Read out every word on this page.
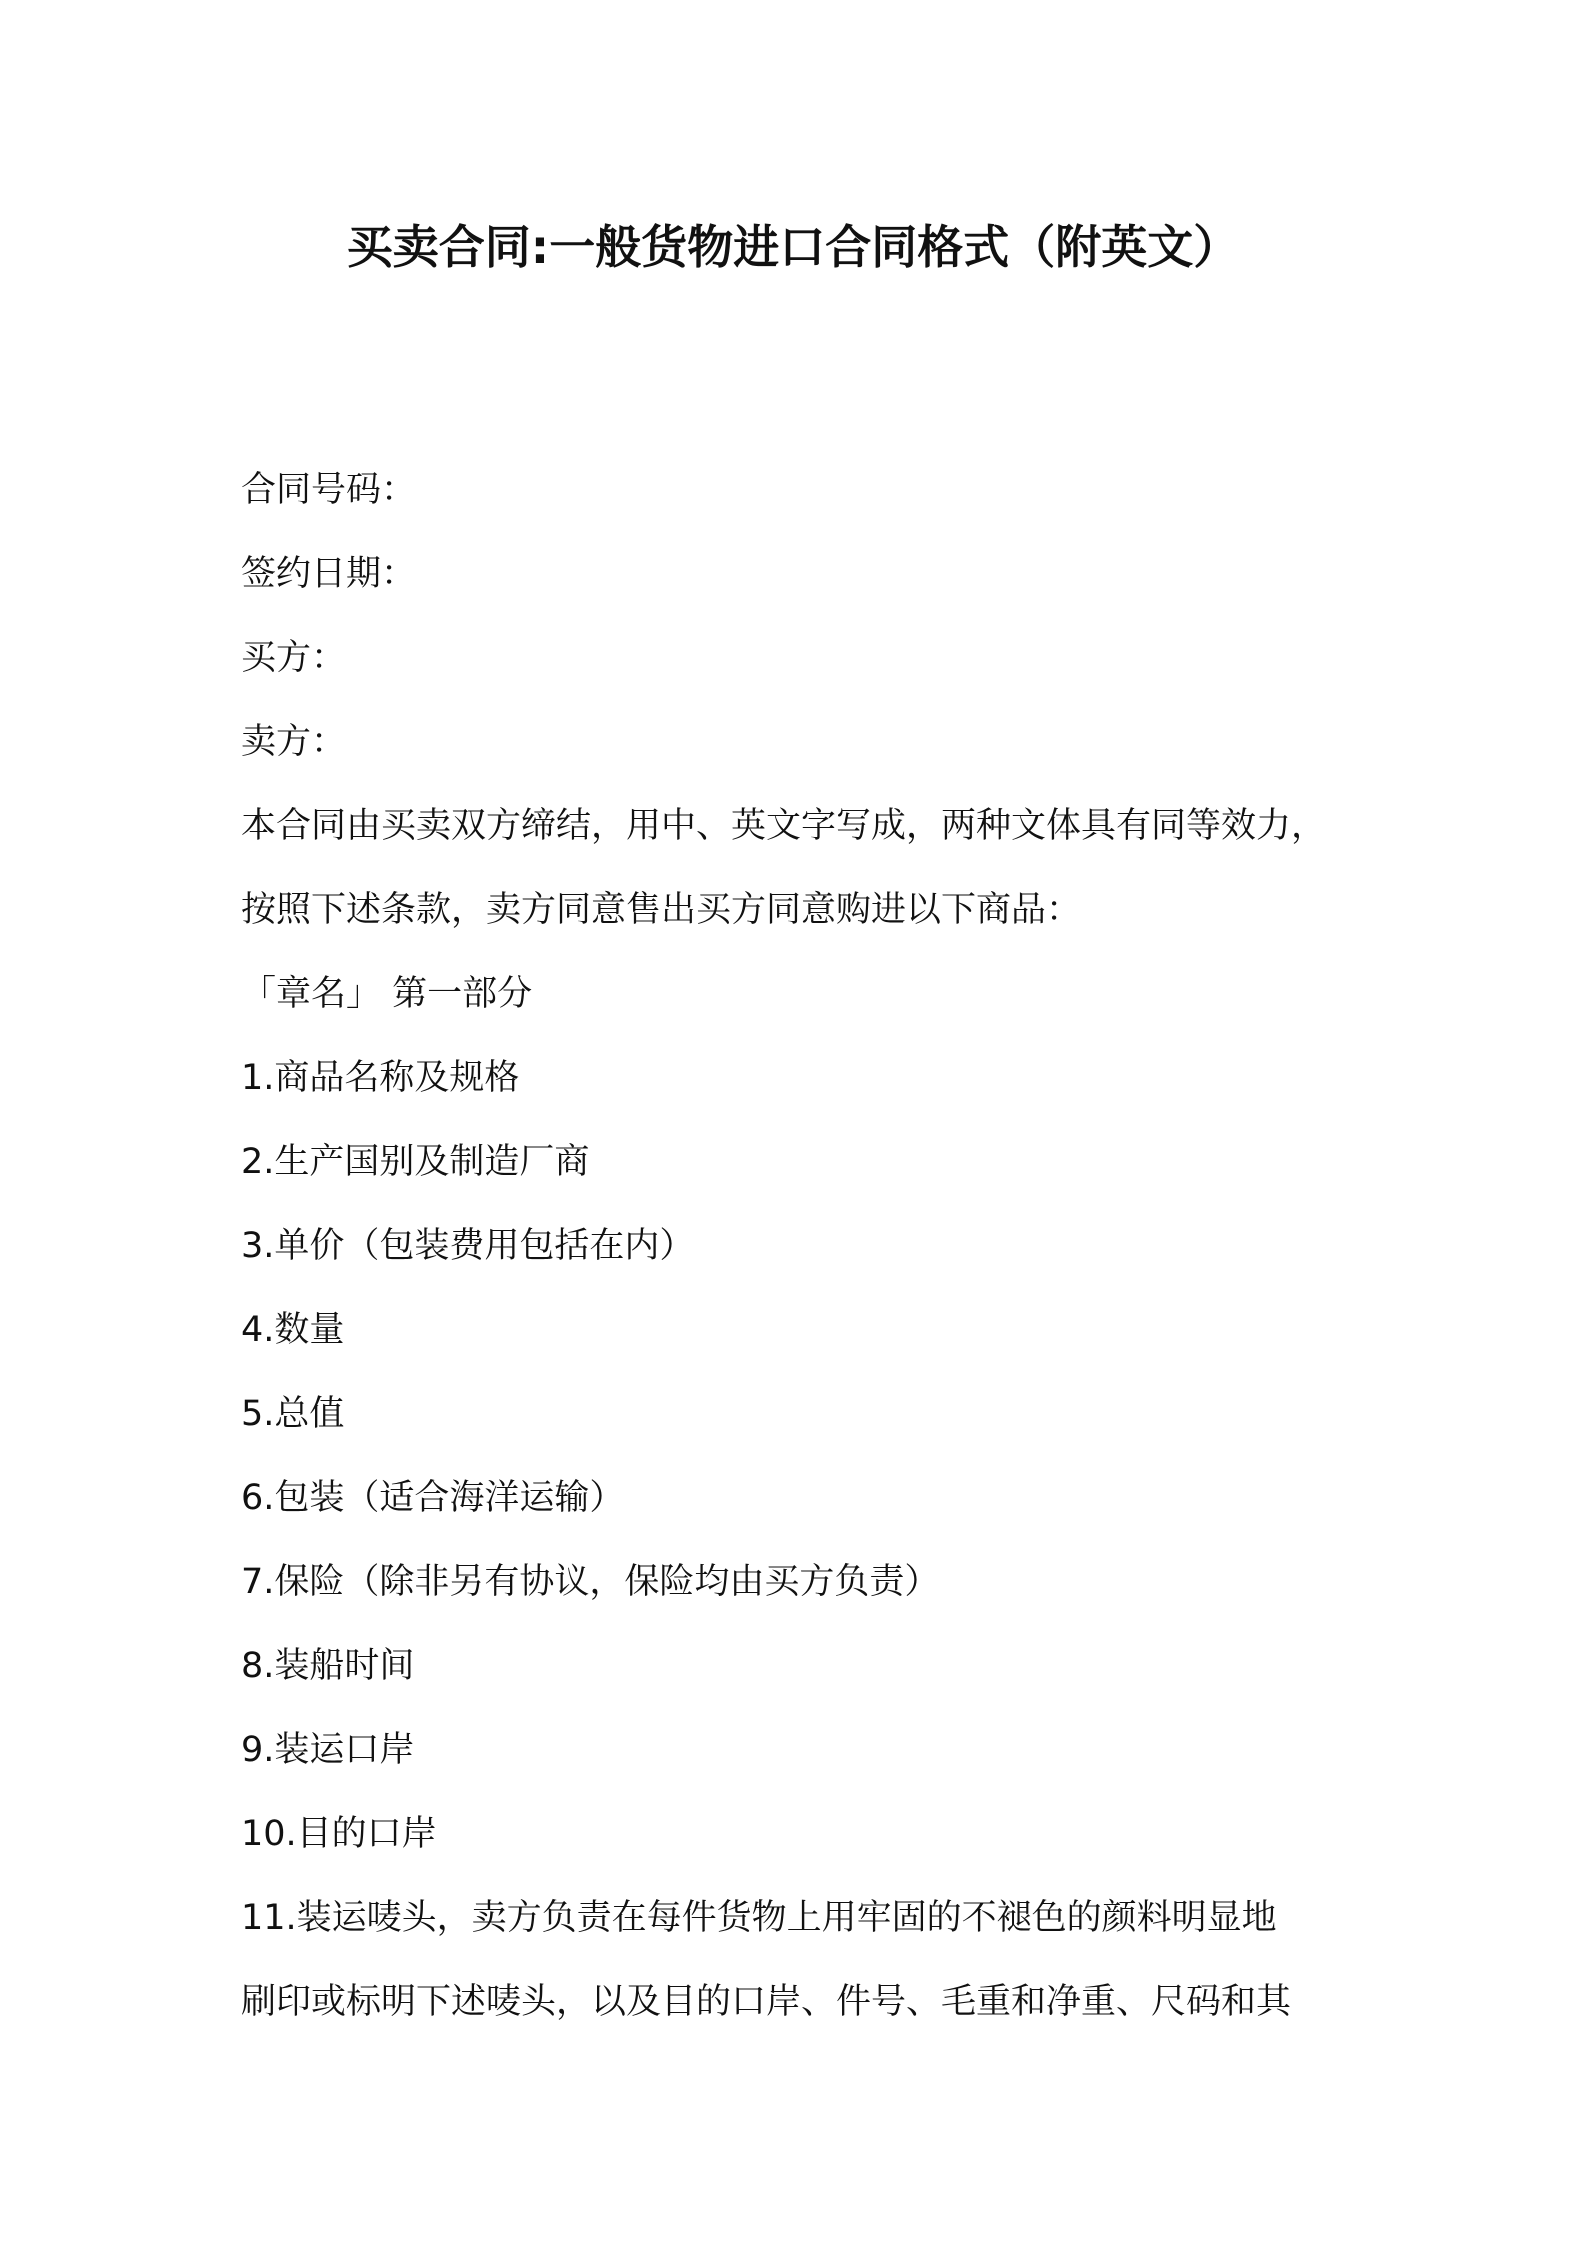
买卖合同:一般货物进口合同格式（附英文）
合同号码：
签约日期：
买方：
卖方：
本合同由买卖双方缔结，用中、英文字写成，两种文体具有同等效力，
按照下述条款，卖方同意售出买方同意购进以下商品：
「章名」 第一部分
1.商品名称及规格
2.生产国别及制造厂商
3.单价（包装费用包括在内）
4.数量
5.总值
6.包装（适合海洋运输）
7.保险（除非另有协议，保险均由买方负责）
8.装船时间
9.装运口岸
10.目的口岸
11.装运唛头，卖方负责在每件货物上用牢固的不褪色的颜料明显地
刷印或标明下述唛头，以及目的口岸、件号、毛重和净重、尺码和其
